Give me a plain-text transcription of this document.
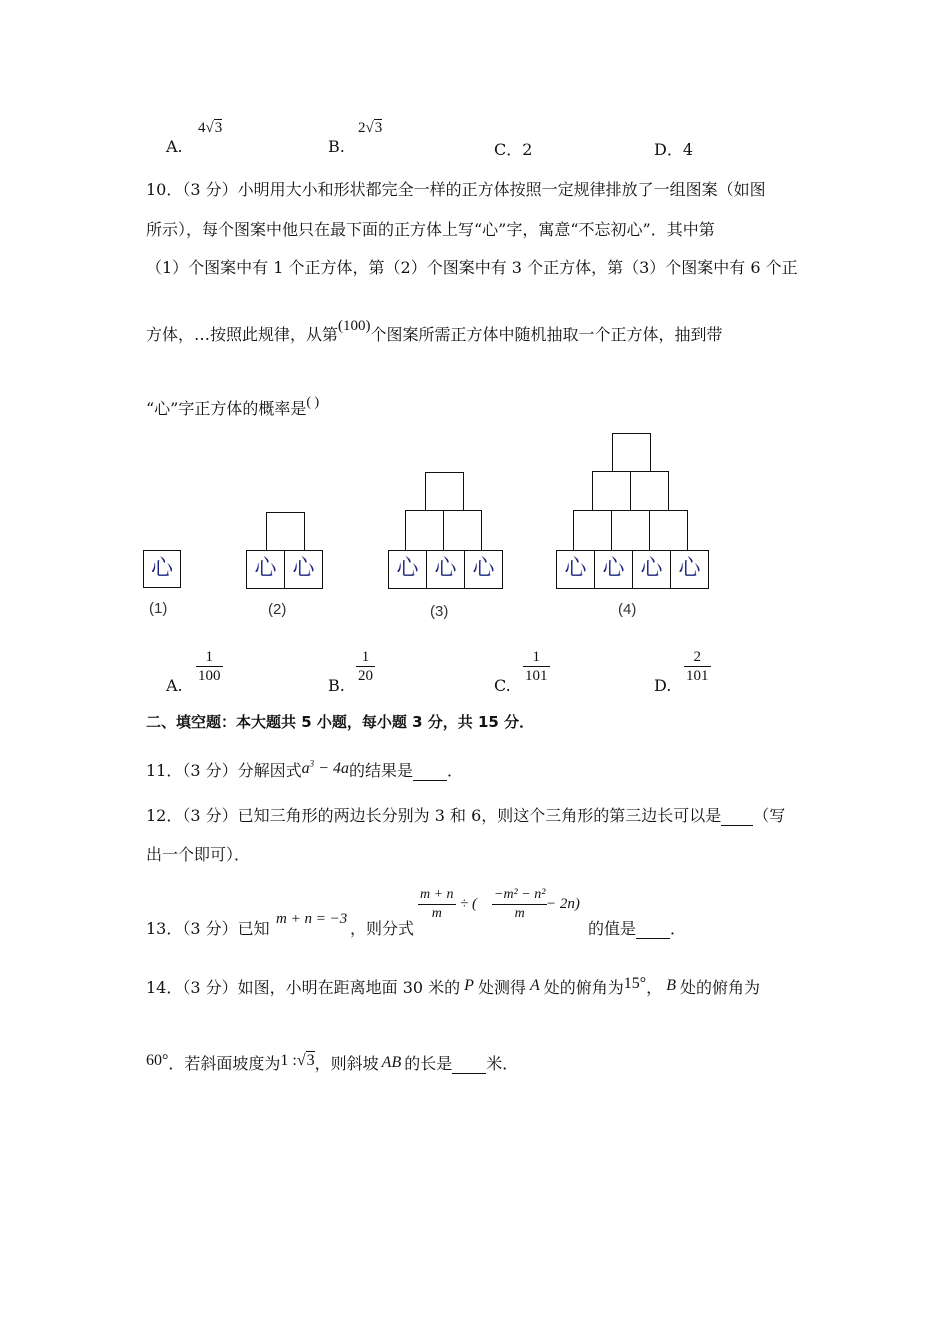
A.
4√3
B.
2√3
C．2	D．4
10．（3 分）小明用大小和形状都完全一样的正方体按照一定规律排放了一组图案（如图
所示），每个图案中他只在最下面的正方体上写“心”字，寓意“不忘初心”．其中第
（1）个图案中有 1 个正方体，第（2）个图案中有 3 个正方体，第（3）个图案中有 6 个正
方体，…按照此规律，从第(100)个图案所需正方体中随机抽取一个正方体，抽到带
“心”字正方体的概率是( )
心
(1)
心 心
(2)
心 心 心
(3)
心 心 心 心
(4)
A.
$\frac{1}{100}$
B.
$\frac{1}{20}$
C.
$\frac{1}{101}$
D.
$\frac{2}{101}$
二、填空题：本大题共 5 小题，每小题 3 分，共 15 分．
11．（3 分）分解因式$a^3 - 4a$的结果是 ．
12．（3 分）已知三角形的两边长分别为 3 和 6，则这个三角形的第三边长可以是 （写
出一个即可）．
13．（3 分）已知 m + n = −3 ，则分式
$\frac{m + n}{m}$ ÷ ( $\frac{\text{−m² − n²}}{m}$
− 2n)
的值是 ．
14．（3 分）如图，小明在距离地面 30 米的 P 处测得 A 处的俯角为15°， B 处的俯角为
60°．若斜面坡度为1 :√3，则斜坡 AB 的长是 米．
